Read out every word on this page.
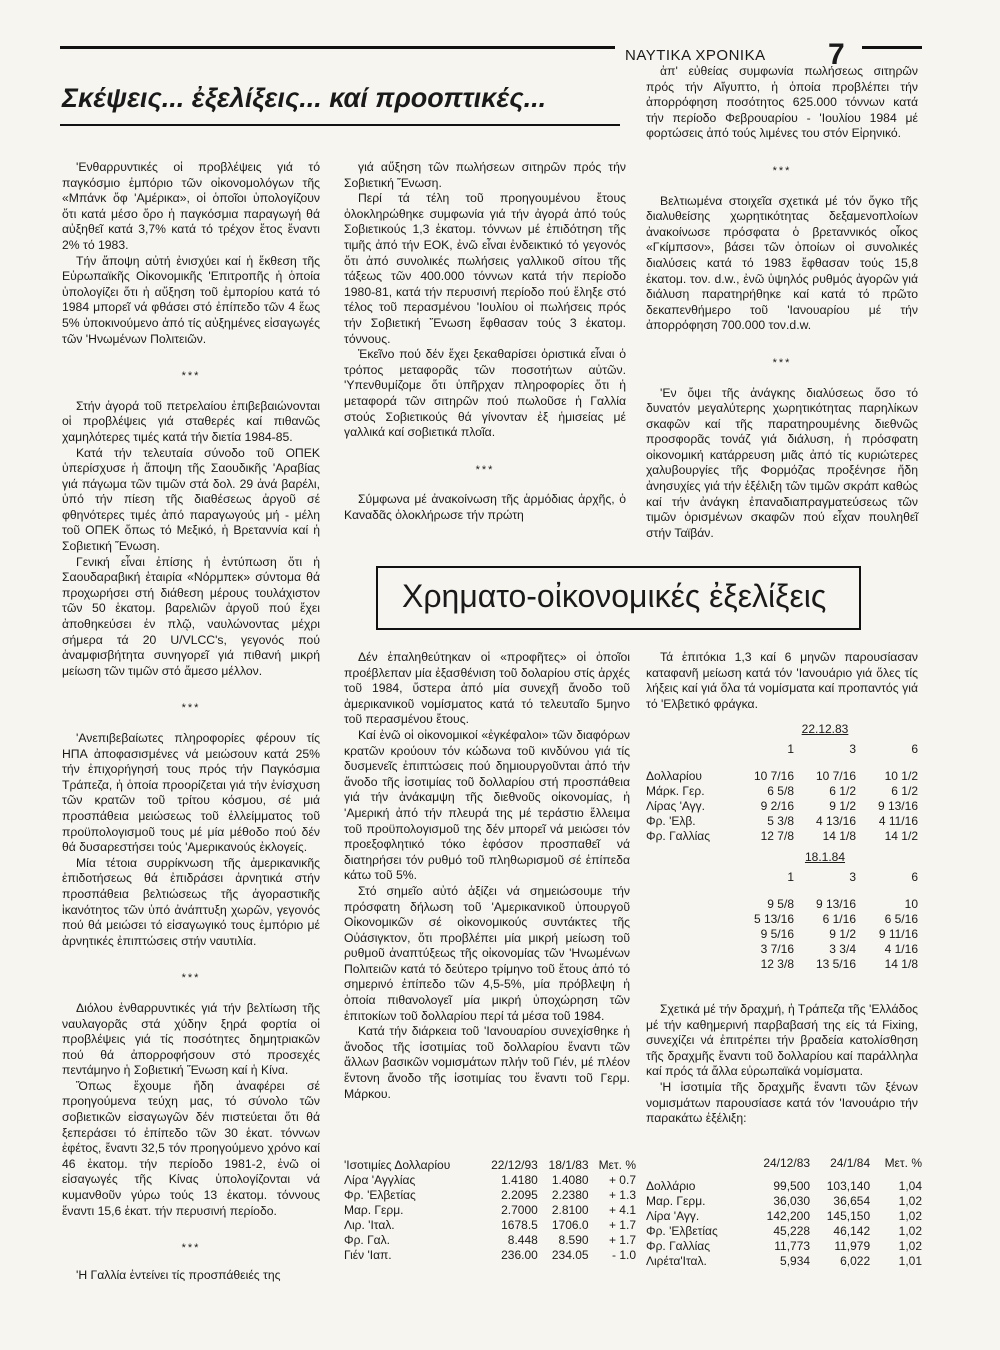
ΝΑΥΤΙΚΑ ΧΡΟΝΙΚΑ 7
Σκέψεις... ἐξελίξεις... καί προοπτικές...

'Ενθαρρυντικές οἱ προβλέψεις γιά τό παγκόσμιο ἐμπόριο τῶν οἰκονομολόγων τῆς «Μπάνκ ὄφ 'Αμέρικα», οἱ ὁποῖοι ὑπολογίζουν ὅτι κατά μέσο ὅρο ἡ παγκόσμια παραγωγή θά αὐξηθεῖ κατά 3,7% κατά τό τρέχον ἔτος ἔναντι 2% τό 1983.

Τήν ἄποψη αὐτή ἐνισχύει καί ἡ ἔκθεση τῆς Εὐρωπαϊκῆς Οἰκονομικῆς 'Επιτροπῆς ἡ ὁποία ὑπολογίζει ὅτι ἡ αὔξηση τοῦ ἐμπορίου κατά τό 1984 μπορεῖ νά φθάσει στό ἐπίπεδο τῶν 4 ἕως 5% ὑποκινούμενο ἀπό τίς αὐξημένες εἰσαγωγές τῶν 'Ηνωμένων Πολιτειῶν.

***

Στήν ἀγορά τοῦ πετρελαίου ἐπιβεβαιώνονται οἱ προβλέψεις γιά σταθερές καί πιθανῶς χαμηλότερες τιμές κατά τήν διετία 1984-85.

Κατά τήν τελευταία σύνοδο τοῦ ΟΠΕΚ ὑπερίσχυσε ἡ ἄποψη τῆς Σαουδικῆς 'Αραβίας γιά πάγωμα τῶν τιμῶν στά δολ. 29 ἀνά βαρέλι, ὑπό τήν πίεση τῆς διαθέσεως ἀργοῦ σέ φθηνότερες τιμές ἀπό παραγωγούς μή - μέλη τοῦ ΟΠΕΚ ὅπως τό Μεξικό, ἡ Βρεταννία καί ἡ Σοβιετική Ἕνωση.

Γενική εἶναι ἐπίσης ἡ ἐντύπωση ὅτι ἡ Σαουδαραβική ἑταιρία «Νόρμπεκ» σύντομα θά προχωρήσει στή διάθεση μέρους τουλάχιστον τῶν 50 ἑκατομ. βαρελιῶν ἀργοῦ πού ἔχει ἀποθηκεύσει ἐν πλῷ, ναυλώνοντας μέχρι σήμερα τά 20 U/VLCC's, γεγονός πού ἀναμφισβήτητα συνηγορεῖ γιά πιθανή μικρή μείωση τῶν τιμῶν στό ἄμεσο μέλλον.

***

'Ανεπιβεβαίωτες πληροφορίες φέρουν τίς ΗΠΑ ἀποφασισμένες νά μειώσουν κατά 25% τήν ἐπιχορήγησή τους πρός τήν Παγκόσμια Τράπεζα, ἡ ὁποία προορίζεται γιά τήν ἐνίσχυση τῶν κρατῶν τοῦ τρίτου κόσμου, σέ μιά προσπάθεια μειώσεως τοῦ ἐλλείμματος τοῦ προϋπολογισμοῦ τους μέ μία μέθοδο πού δέν θά δυσαρεστήσει τούς 'Αμερικανούς ἐκλογείς.

Μία τέτοια συρρίκνωση τῆς ἀμερικανικῆς ἐπιδοτήσεως θά ἐπιδράσει ἀρνητικά στήν προσπάθεια βελτιώσεως τῆς ἀγοραστικῆς ἱκανότητος τῶν ὑπό ἀνάπτυξη χωρῶν, γεγονός πού θά μειώσει τό εἰσαγωγικό τους ἐμπόριο μέ ἀρνητικές ἐπιπτώσεις στήν ναυτιλία.

***

Διόλου ἐνθαρρυντικές γιά τήν βελτίωση τῆς ναυλαγορᾶς στά χύδην ξηρά φορτία οἱ προβλέψεις γιά τίς ποσότητες δημητριακῶν πού θά ἀπορροφήσουν στό προσεχές πεντάμηνο ἡ Σοβιετική Ἕνωση καί ἡ Κίνα.

Ὅπως ἔχουμε ἤδη ἀναφέρει σέ προηγούμενα τεύχη μας, τό σύνολο τῶν σοβιετικῶν εἰσαγωγῶν δέν πιστεύεται ὅτι θά ξεπεράσει τό ἐπίπεδο τῶν 30 ἑκατ. τόννων ἐφέτος, ἔναντι 32,5 τόν προηγούμενο χρόνο καί 46 ἑκατομ. τήν περίοδο 1981-2, ἐνῶ οἱ εἰσαγωγές τῆς Κίνας ὑπολογίζονται νά κυμανθοῦν γύρω τούς 13 ἑκατομ. τόννους ἔναντι 15,6 ἑκατ. τήν περυσινή περίοδο.

***

'Η Γαλλία ἐντείνει τίς προσπάθειές της

γιά αὔξηση τῶν πωλήσεων σιτηρῶν πρός τήν Σοβιετική Ἕνωση.

Περί τά τέλη τοῦ προηγουμένου ἔτους ὁλοκληρώθηκε συμφωνία γιά τήν ἀγορά ἀπό τούς Σοβιετικούς 1,3 ἑκατομ. τόννων μέ ἐπιδότηση τῆς τιμῆς ἀπό τήν ΕΟΚ, ἐνῶ εἶναι ἐνδεικτικό τό γεγονός ὅτι ἀπό συνολικές πωλήσεις γαλλικοῦ σίτου τῆς τάξεως τῶν 400.000 τόννων κατά τήν περίοδο 1980-81, κατά τήν περυσινή περίοδο πού ἔληξε στό τέλος τοῦ περασμένου 'Ιουλίου οἱ πωλήσεις πρός τήν Σοβιετική Ἕνωση ἔφθασαν τούς 3 ἑκατομ. τόννους.

Ἐκεῖνο πού δέν ἔχει ξεκαθαρίσει ὁριστικά εἶναι ὁ τρόπος μεταφορᾶς τῶν ποσοτήτων αὐτῶν. 'Υπενθυμίζομε ὅτι ὑπῆρχαν πληροφορίες ὅτι ἡ μεταφορά τῶν σιτηρῶν πού πωλοῦσε ἡ Γαλλία στούς Σοβιετικούς θά γίνονταν ἐξ ἡμισείας μέ γαλλικά καί σοβιετικά πλοῖα.

***

Σύμφωνα μέ ἀνακοίνωση τῆς ἁρμόδιας ἀρχῆς, ὁ Καναδᾶς ὁλοκλήρωσε τήν πρώτη

ἀπ' εὐθείας συμφωνία πωλήσεως σιτηρῶν πρός τήν Αἴγυπτο, ἡ ὁποία προβλέπει τήν ἀπορρόφηση ποσότητος 625.000 τόννων κατά τήν περίοδο Φεβρουαρίου - 'Ιουλίου 1984 μέ φορτώσεις ἀπό τούς λιμένες του στόν Εἰρηνικό.

***

Βελτιωμένα στοιχεῖα σχετικά μέ τόν ὄγκο τῆς διαλυθείσης χωρητικότητας δεξαμενοπλοίων ἀνακοίνωσε πρόσφατα ὁ βρεταννικός οἶκος «Γκίμπσον», βάσει τῶν ὁποίων οἱ συνολικές διαλύσεις κατά τό 1983 ἔφθασαν τούς 15,8 ἑκατομ. τον. d.w., ἐνῶ ὑψηλός ρυθμός ἀγορῶν γιά διάλυση παρατηρήθηκε καί κατά τό πρῶτο δεκαπενθήμερο τοῦ 'Ιανουαρίου μέ τήν ἀπορρόφηση 700.000 τον.d.w.

***

'Εν ὄψει τῆς ἀνάγκης διαλύσεως ὅσο τό δυνατόν μεγαλύτερης χωρητικότητας παρηλίκων σκαφῶν καί τῆς παρατηρουμένης διεθνῶς προσφορᾶς τονάζ γιά διάλυση, ἡ πρόσφατη οἰκονομική κατάρρευση μιᾶς ἀπό τίς κυριώτερες χαλυβουργίες τῆς Φορμόζας προξένησε ἤδη ἀνησυχίες γιά τήν ἐξέλιξη τῶν τιμῶν σκράπ καθώς καί τήν ἀνάγκη ἐπαναδιαπραγματεύσεως τῶν τιμῶν ὁρισμένων σκαφῶν πού εἶχαν πουληθεῖ στήν Ταϊβάν.

Χρηματο-οἰκονομικές ἐξελίξεις

Δέν ἐπαληθεύτηκαν οἱ «προφῆτες» οἱ ὁποῖοι προέβλεπαν μία ἐξασθένιση τοῦ δολαρίου στίς ἀρχές τοῦ 1984, ὕστερα ἀπό μία συνεχῆ ἄνοδο τοῦ ἀμερικανικοῦ νομίσματος κατά τό τελευταῖο 5μηνο τοῦ περασμένου ἔτους.

Καί ἐνῶ οἱ οἰκονομικοί «ἐγκέφαλοι» τῶν διαφόρων κρατῶν κρούουν τόν κώδωνα τοῦ κινδύνου γιά τίς δυσμενεῖς ἐπιπτώσεις πού δημιουργοῦνται ἀπό τήν ἄνοδο τῆς ἰσοτιμίας τοῦ δολλαρίου στή προσπάθεια γιά τήν ἀνάκαμψη τῆς διεθνοῦς οἰκονομίας, ἡ 'Αμερική ἀπό τήν πλευρά της μέ τεράστιο ἔλλειμα τοῦ προϋπολογισμοῦ της δέν μπορεῖ νά μειώσει τόν προεξοφλητικό τόκο ἐφόσον προσπαθεῖ νά διατηρήσει τόν ρυθμό τοῦ πληθωρισμοῦ σέ ἐπίπεδα κάτω τοῦ 5%.

Στό σημεῖο αὐτό ἀξίζει νά σημειώσουμε τήν πρόσφατη δήλωση τοῦ 'Αμερικανικοῦ ὑπουργοῦ Οἰκονομικῶν σέ οἰκονομικούς συντάκτες τῆς Οὐάσιγκτον, ὅτι προβλέπει μία μικρή μείωση τοῦ ρυθμοῦ ἀναπτύξεως τῆς οἰκονομίας τῶν 'Ηνωμένων Πολιτειῶν κατά τό δεύτερο τρίμηνο τοῦ ἔτους ἀπό τό σημερινό ἐπίπεδο τῶν 4,5-5%, μία πρόβλεψη ἡ ὁποία πιθανολογεῖ μία μικρή ὑποχώρηση τῶν ἐπιτοκίων τοῦ δολλαρίου περί τά μέσα τοῦ 1984.

Κατά τήν διάρκεια τοῦ 'Ιανουαρίου συνεχίσθηκε ἡ ἄνοδος τῆς ἰσοτιμίας τοῦ δολλαρίου ἔναντι τῶν ἄλλων βασικῶν νομισμάτων πλήν τοῦ Γιέν, μέ πλέον ἔντονη ἄνοδο τῆς ἰσοτιμίας του ἔναντι τοῦ Γερμ. Μάρκου.

'Ισοτιμίες Δολλαρίου	22/12/93	18/1/83	Μετ. %
Λίρα 'Αγγλίας	1.4180	1.4080	+ 0.7
Φρ. 'Ελβετίας	2.2095	2.2380	+ 1.3
Μαρ. Γερμ.	2.7000	2.8100	+ 4.1
Λιρ. 'Ιταλ.	1678.5	1706.0	+ 1.7
Φρ. Γαλ.	8.448	8.590	+ 1.7
Γιέν 'Ιαπ.	236.00	234.05	- 1.0

Τά ἐπιτόκια 1,3 καί 6 μηνῶν παρουσίασαν καταφανῆ μείωση κατά τόν 'Ιανουάριο γιά ὅλες τίς λήξεις καί γιά ὅλα τά νομίσματα καί προπαντός γιά τό 'Ελβετικό φράγκα.

	22.12.83		
	1	3	6

Δολλαρίου	10 7/16	10 7/16	10 1/2
Μάρκ. Γερ.	6 5/8	6 1/2	6 1/2
Λίρας 'Αγγ.	9 2/16	9 1/2	9 13/16
Φρ. 'Ελβ.	5 3/8	4 13/16	4 11/16
Φρ. Γαλλίας	12 7/8	14 1/8	14 1/2

	18.1.84		
	1	3	6

	9 5/8	9 13/16	10
	5 13/16	6 1/16	6 5/16
	9 5/16	9 1/2	9 11/16
	3 7/16	3 3/4	4 1/16
	12 3/8	13 5/16	14 1/8

Σχετικά μέ τήν δραχμή, ἡ Τράπεζα τῆς 'Ελλάδος μέ τήν καθημερινή παρβαβασή της είς τά Fixing, συνεχίζει νά ἐπιτρέπει τήν βραδεία κατολίσθηση τῆς δραχμῆς ἔναντι τοῦ δολλαρίου καί παράλληλα καί πρός τά ἄλλα εὐρωπαϊκά νομίσματα.

'Η ἰσοτιμία τῆς δραχμῆς ἔναντι τῶν ξένων νομισμάτων παρουσίασε κατά τόν 'Ιανουάριο τήν παρακάτω ἐξέλιξη:

	24/12/83	24/1/84	Μετ. %

Δολλάριο	99,500	103,140	1,04
Μαρ. Γερμ.	36,030	36,654	1,02
Λίρα 'Αγγ.	142,200	145,150	1,02
Φρ. 'Ελβετίας	45,228	46,142	1,02
Φρ. Γαλλίας	11,773	11,979	1,02
Λιρέτα'Ιταλ.	5,934	6,022	1,01
